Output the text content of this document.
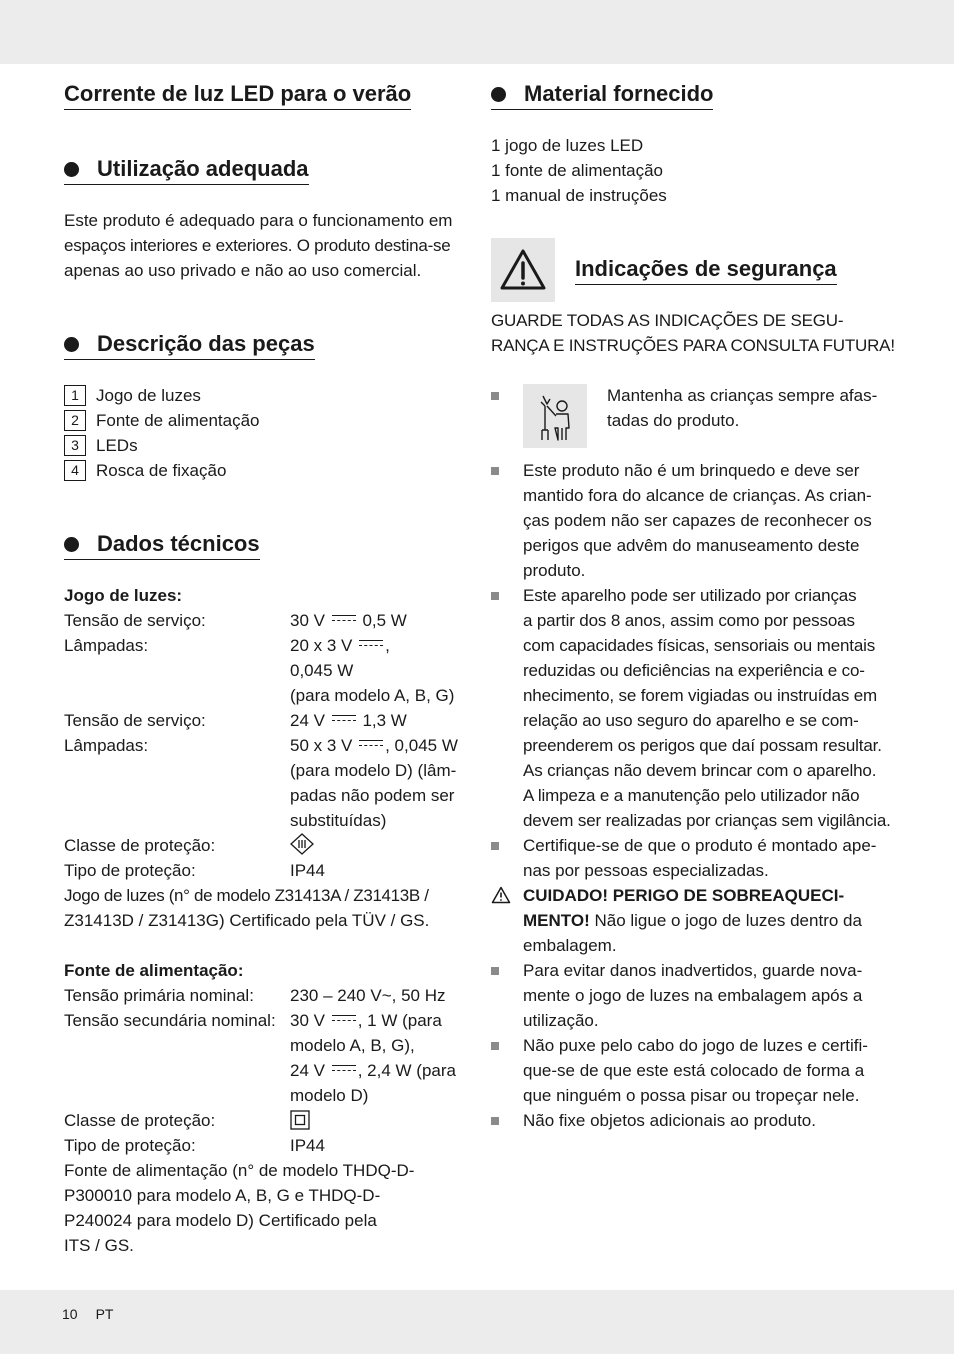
Corrente de luz LED para o verão
Utilização adequada
Este produto é adequado para o funcionamento em
espaços interiores e exteriores. O produto destina-se
apenas ao uso privado e não ao uso comercial.
Descrição das peças
1 Jogo de luzes
2 Fonte de alimentação
3 LEDs
4 Rosca de fixação
Dados técnicos
Jogo de luzes:
Tensão de serviço:	30 V 0,5 W
Lâmpadas:	20 x 3 V ,
0,045 W
(para modelo A, B, G)
Tensão de serviço:	24 V 1,3 W
Lâmpadas:	50 x 3 V , 0,045 W
(para modelo D) (lâm-
padas não podem ser
substituídas)
Classe de proteção:
Tipo de proteção:	IP44
Jogo de luzes (n° de modelo Z31413A / Z31413B /
Z31413D / Z31413G) Certificado pela TÜV / GS.
Fonte de alimentação:
Tensão primária nominal: 230 – 240 V~, 50 Hz
Tensão secundária nominal: 30 V , 1 W (para
modelo A, B, G),
24 V , 2,4 W (para
modelo D)
Classe de proteção:
Tipo de proteção:	IP44
Fonte de alimentação (n° de modelo THDQ-D-
P300010 para modelo A, B, G e THDQ-D-
P240024 para modelo D) Certificado pela
ITS / GS.
Material fornecido
1 jogo de luzes LED
1 fonte de alimentação
1 manual de instruções
Indicações de segurança
GUARDE TODAS AS INDICAÇÕES DE SEGU-
RANÇA E INSTRUÇÕES PARA CONSULTA FUTURA!
Mantenha as crianças sempre afas-
tadas do produto.
Este produto não é um brinquedo e deve ser
mantido fora do alcance de crianças. As crian-
ças podem não ser capazes de reconhecer os
perigos que advêm do manuseamento deste
produto.
Este aparelho pode ser utilizado por crianças
a partir dos 8 anos, assim como por pessoas
com capacidades físicas, sensoriais ou mentais
reduzidas ou deficiências na experiência e co-
nhecimento, se forem vigiadas ou instruídas em
relação ao uso seguro do aparelho e se com-
preenderem os perigos que daí possam resultar.
As crianças não devem brincar com o aparelho.
A limpeza e a manutenção pelo utilizador não
devem ser realizadas por crianças sem vigilância.
Certifique-se de que o produto é montado ape-
nas por pessoas especializadas.
CUIDADO! PERIGO DE SOBREAQUECI-
MENTO! Não ligue o jogo de luzes dentro da
embalagem.
Para evitar danos inadvertidos, guarde nova-
mente o jogo de luzes na embalagem após a
utilização.
Não puxe pelo cabo do jogo de luzes e certifi-
que-se de que este está colocado de forma a
que ninguém o possa pisar ou tropeçar nele.
Não fixe objetos adicionais ao produto.
10 PT
